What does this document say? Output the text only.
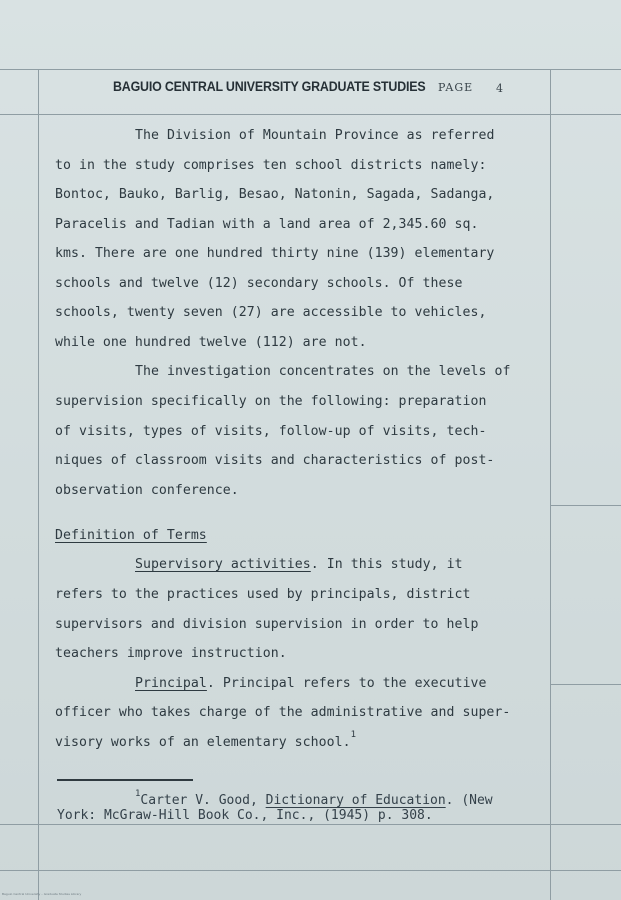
BAGUIO CENTRAL UNIVERSITY GRADUATE STUDIES PAGE 4
The Division of Mountain Province as referred
to in the study comprises ten school districts namely:
Bontoc, Bauko, Barlig, Besao, Natonin, Sagada, Sadanga,
Paracelis and Tadian with a land area of 2,345.60 sq.
kms. There are one hundred thirty nine (139) elementary
schools and twelve (12) secondary schools. Of these
schools, twenty seven (27) are accessible to vehicles,
while one hundred twelve (112) are not.
The investigation concentrates on the levels of
supervision specifically on the following: preparation
of visits, types of visits, follow-up of visits, tech-
niques of classroom visits and characteristics of post-
observation conference.
Definition of Terms
Supervisory activities. In this study, it
refers to the practices used by principals, district
supervisors and division supervision in order to help
teachers improve instruction.
Principal. Principal refers to the executive
officer who takes charge of the administrative and super-
visory works of an elementary school.$^1$
$^1$Carter V. Good, Dictionary of Education. (New
York: McGraw-Hill Book Co., Inc., (1945) p. 308.
Baguio Central University – Graduate Studies Library
